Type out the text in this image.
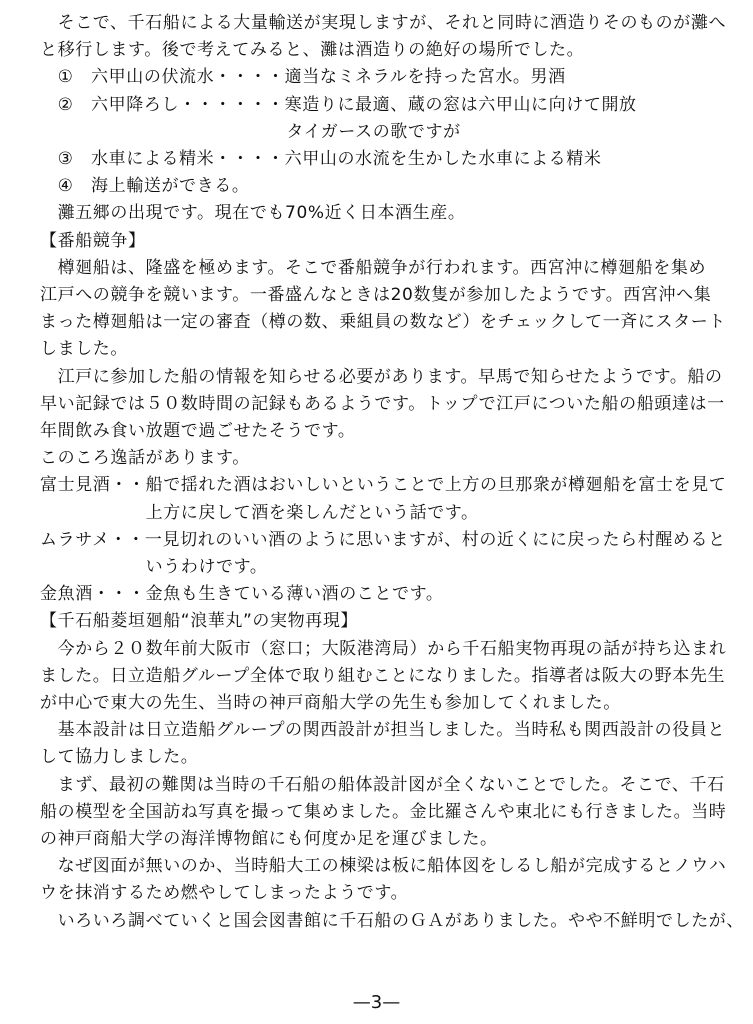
　そこで、千石船による大量輸送が実現しますが、それと同時に酒造りそのものが灘へ
と移行します。後で考えてみると、灘は酒造りの絶好の場所でした。
　①　六甲山の伏流水・・・・適当なミネラルを持った宮水。男酒
　②　六甲降ろし・・・・・・寒造りに最適、蔵の窓は六甲山に向けて開放
　　　　　　　　　　　　　　タイガースの歌ですが
　③　水車による精米・・・・六甲山の水流を生かした水車による精米
　④　海上輸送ができる。
　灘五郷の出現です。現在でも70%近く日本酒生産。
【番船競争】
　樽廻船は、隆盛を極めます。そこで番船競争が行われます。西宮沖に樽廻船を集め
江戸への競争を競います。一番盛んなときは20数隻が参加したようです。西宮沖へ集
まった樽廻船は一定の審査（樽の数、乗組員の数など）をチェックして一斉にスタート
しました。
　江戸に参加した船の情報を知らせる必要があります。早馬で知らせたようです。船の
早い記録では５０数時間の記録もあるようです。トップで江戸についた船の船頭達は一
年間飲み食い放題で過ごせたそうです。
このころ逸話があります。
富士見酒・・船で揺れた酒はおいしいということで上方の旦那衆が樽廻船を富士を見て
　　　　　　上方に戻して酒を楽しんだという話です。
ムラサメ・・一見切れのいい酒のように思いますが、村の近くにに戻ったら村醒めると
　　　　　　いうわけです。
金魚酒・・・金魚も生きている薄い酒のことです。
【千石船菱垣廻船“浪華丸”の実物再現】
　今から２０数年前大阪市（窓口；大阪港湾局）から千石船実物再現の話が持ち込まれ
ました。日立造船グループ全体で取り組むことになりました。指導者は阪大の野本先生
が中心で東大の先生、当時の神戸商船大学の先生も参加してくれました。
　基本設計は日立造船グループの関西設計が担当しました。当時私も関西設計の役員と
して協力しました。
　まず、最初の難関は当時の千石船の船体設計図が全くないことでした。そこで、千石
船の模型を全国訪ね写真を撮って集めました。金比羅さんや東北にも行きました。当時
の神戸商船大学の海洋博物館にも何度か足を運びました。
　なぜ図面が無いのか、当時船大工の棟梁は板に船体図をしるし船が完成するとノウハ
ウを抹消するため燃やしてしまったようです。
　いろいろ調べていくと国会図書館に千石船のＧＡがありました。やや不鮮明でしたが、
—3—
